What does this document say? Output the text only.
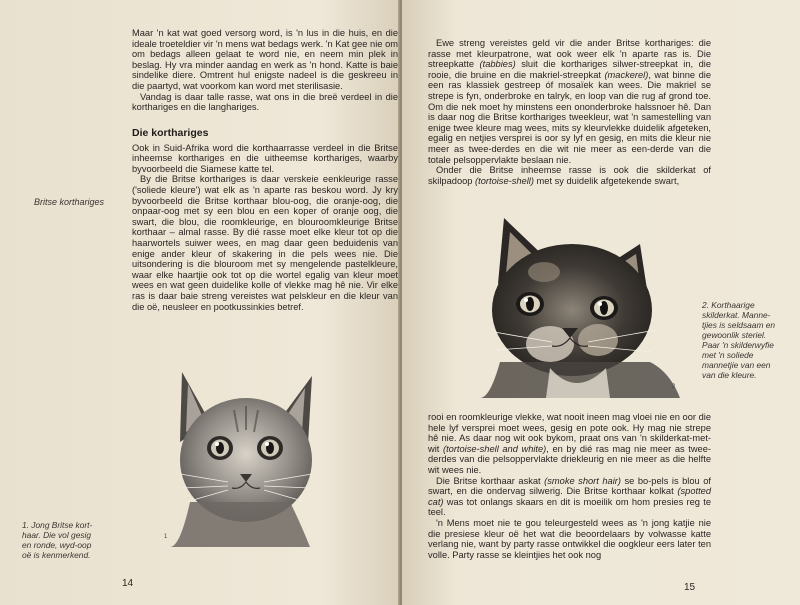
Maar 'n kat wat goed versorg word, is 'n lus in die huis, en die ideale troeteldier vir 'n mens wat bedags werk. 'n Kat gee nie om om bedags alleen gelaat te word nie, en neem min plek in beslag. Hy vra minder aandag en werk as 'n hond. Katte is baie sindelike diere. Omtrent hul enigste nadeel is die geskreeu in die paartyd, wat voorkom kan word met sterilisasie.

Vandag is daar talle rasse, wat ons in die breë verdeel in die korthariges en die langhariges.

Die korthariges

Ook in Suid-Afrika word die korthaarrasse verdeel in die Britse inheemse korthariges en die uitheemse korthariges, waarby byvoorbeeld die Siamese katte tel.

By die Britse korthariges is daar verskeie eenkleurige rasse ('soliede kleure') wat elk as 'n aparte ras beskou word. Jy kry byvoorbeeld die Britse korthaar blou-oog, die oranje-oog, die onpaar-oog met sy een blou en een koper of oranje oog, die swart, die blou, die roomkleurige, en blouroomkleurige Britse korthaar – almal rasse. By dié rasse moet elke kleur tot op die haarwortels suiwer wees, en mag daar geen beduidenis van enige ander kleur of skakering in die pels wees nie. Die uitsondering is die blouroom met sy mengelende pastelkleure, waar elke haartjie ook tot op die wortel egalig van kleur moet wees en wat geen duidelike kolle of vlekke mag hê nie. Vir elke ras is daar baie streng vereistes wat pelskleur en die kleur van die oë, neusleer en pootkussinkies betref.

Britse korthariges
1
1. Jong Britse kort-
haar. Die vol gesig
en ronde, wyd-oop
oë is kenmerkend.
14

Ewe streng vereistes geld vir die ander Britse korthariges: die rasse met kleurpatrone, wat ook weer elk 'n aparte ras is. Die streepkatte (tabbies) sluit die korthariges silwer-streepkat in, die rooie, die bruine en die makriel-streepkat (mackerel), wat binne die een ras klassiek gestreep óf mosaïek kan wees. Die makriel se strepe is fyn, onderbroke en talryk, en loop van die rug af grond toe. Om die nek moet hy minstens een ononderbroke halssnoer hê. Dan is daar nog die Britse korthariges tweekleur, wat 'n samestelling van enige twee kleure mag wees, mits sy kleurvlekke duidelik afgeteken, egalig en netjies versprei is oor sy lyf en gesig, en mits die kleur nie meer as twee-derdes en die wit nie meer as een-derde van die totale pelsoppervlakte beslaan nie.

Onder die Britse inheemse rasse is ook die skilderkat of skilpadoop (tortoise-shell) met sy duidelik afgetekende swart,

2
2. Korthaarige
skilderkat. Manne-
tjies is seldsaam en
gewoonlik steriel.
Paar 'n skilderwyfie
met 'n soliede
mannetjie van een
van die kleure.

rooi en roomkleurige vlekke, wat nooit ineen mag vloei nie en oor die hele lyf versprei moet wees, gesig en pote ook. Hy mag nie strepe hê nie. As daar nog wit ook bykom, praat ons van 'n skilderkat-met-wit (tortoise-shell and white), en by dié ras mag nie meer as twee-derdes van die pelsoppervlakte driekleurig en nie meer as die helfte wit wees nie.

Die Britse korthaar askat (smoke short hair) se bo-pels is blou of swart, en die ondervag silwerig. Die Britse korthaar kolkat (spotted cat) was tot onlangs skaars en dit is moeilik om hom presies reg te teel.

'n Mens moet nie te gou teleurgesteld wees as 'n jong katjie nie die presiese kleur oë het wat die beoordelaars by volwasse katte verlang nie, want by party rasse ontwikkel die oogkleur eers later ten volle. Party rasse se kleintjies het ook nog

15
